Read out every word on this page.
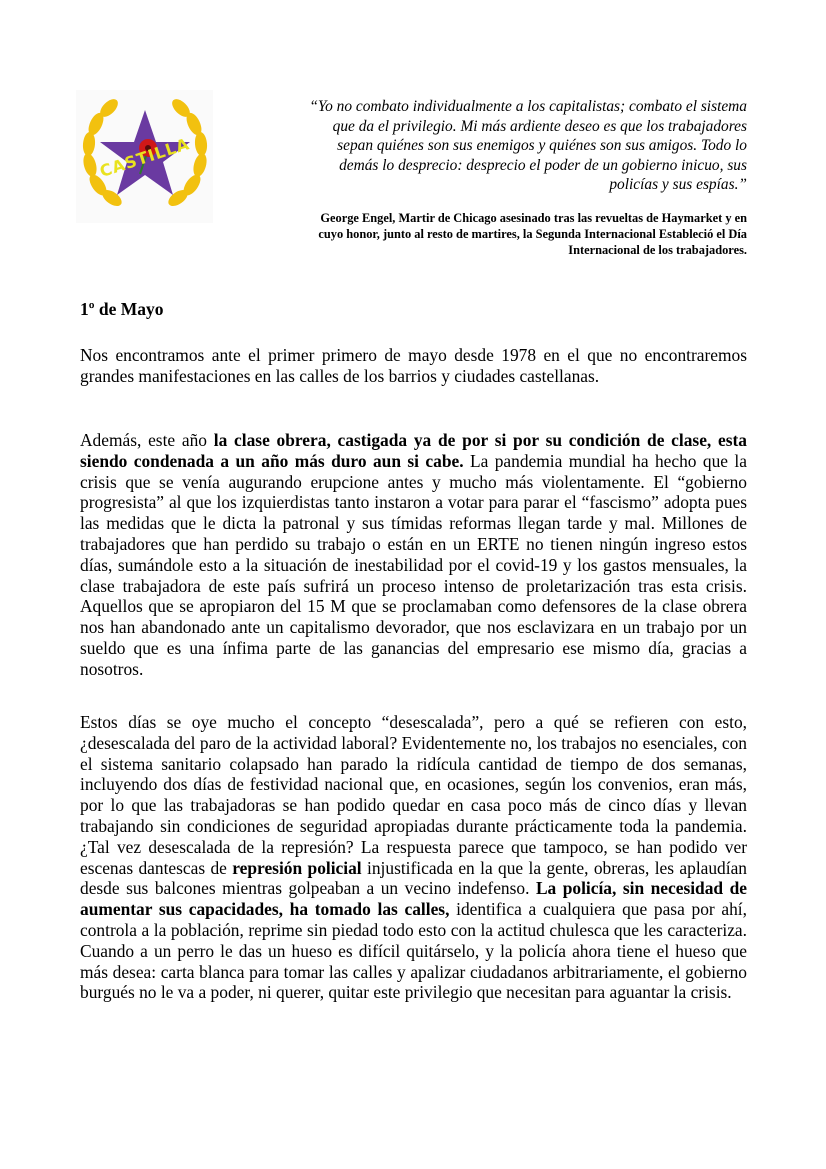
CASTILLA
“Yo no combato individualmente a los capitalistas; combato el sistema que da el privilegio. Mi más ardiente deseo es que los trabajadores sepan quiénes son sus enemigos y quiénes son sus amigos. Todo lo demás lo desprecio: desprecio el poder de un gobierno inicuo, sus policías y sus espías.”
George Engel, Martir de Chicago asesinado tras las revueltas de Haymarket y en cuyo honor, junto al resto de martires, la Segunda Internacional Estableció el Día Internacional de los trabajadores.
1º de Mayo
Nos encontramos ante el primer primero de mayo desde 1978 en el que no encontraremos grandes manifestaciones en las calles de los barrios y ciudades castellanas.
Además, este año la clase obrera, castigada ya de por si por su condición de clase, esta siendo condenada a un año más duro aun si cabe. La pandemia mundial ha hecho que la crisis que se venía augurando erupcione antes y mucho más violentamente. El “gobierno progresista” al que los izquierdistas tanto instaron a votar para parar el “fascismo” adopta pues las medidas que le dicta la patronal y sus tímidas reformas llegan tarde y mal. Millones de trabajadores que han perdido su trabajo o están en un ERTE no tienen ningún ingreso estos días, sumándole esto a la situación de inestabilidad por el covid-19 y los gastos mensuales, la clase trabajadora de este país sufrirá un proceso intenso de proletarización tras esta crisis. Aquellos que se apropiaron del 15 M que se proclamaban como defensores de la clase obrera nos han abandonado ante un capitalismo devorador, que nos esclavizara en un trabajo por un sueldo que es una ínfima parte de las ganancias del empresario ese mismo día, gracias a nosotros.
Estos días se oye mucho el concepto “desescalada”, pero a qué se refieren con esto, ¿desescalada del paro de la actividad laboral? Evidentemente no, los trabajos no esenciales, con el sistema sanitario colapsado han parado la ridícula cantidad de tiempo de dos semanas, incluyendo dos días de festividad nacional que, en ocasiones, según los convenios, eran más, por lo que las trabajadoras se han podido quedar en casa poco más de cinco días y llevan trabajando sin condiciones de seguridad apropiadas durante prácticamente toda la pandemia. ¿Tal vez desescalada de la represión? La respuesta parece que tampoco, se han podido ver escenas dantescas de represión policial injustificada en la que la gente, obreras, les aplaudían desde sus balcones mientras golpeaban a un vecino indefenso. La policía, sin necesidad de aumentar sus capacidades, ha tomado las calles, identifica a cualquiera que pasa por ahí, controla a la población, reprime sin piedad todo esto con la actitud chulesca que les caracteriza. Cuando a un perro le das un hueso es difícil quitárselo, y la policía ahora tiene el hueso que más desea: carta blanca para tomar las calles y apalizar ciudadanos arbitrariamente, el gobierno burgués no le va a poder, ni querer, quitar este privilegio que necesitan para aguantar la crisis.
